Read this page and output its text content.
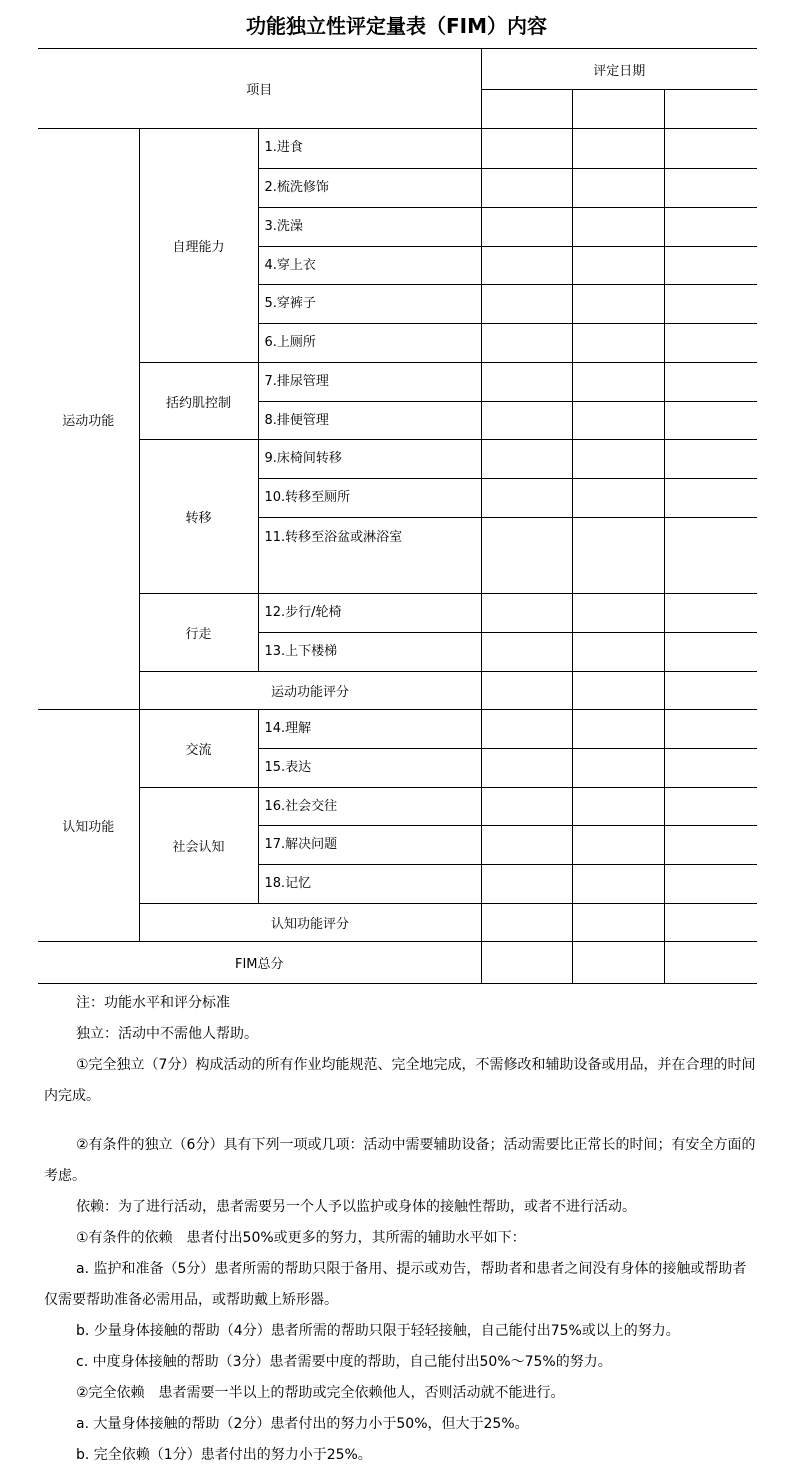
功能独立性评定量表（FIM）内容
项目			评定日期		

运动功能	自理能力	1.进食			
		2.梳洗修饰			
		3.洗澡			
		4.穿上衣			
		5.穿裤子			
		6.上厕所			
	括约肌控制	7.排尿管理			
		8.排便管理			
	转移	9.床椅间转移			
		10.转移至厕所			
		11.转移至浴盆或淋浴室			
	行走	12.步行/轮椅			
		13.上下楼梯			
	运动功能评分				
认知功能	交流	14.理解			
		15.表达			
	社会认知	16.社会交往			
		17.解决问题			
		18.记忆			
	认知功能评分				
FIM总分					

注：功能水平和评分标准

独立：活动中不需他人帮助。

①完全独立（7分）构成活动的所有作业均能规范、完全地完成，不需修改和辅助设备或用品，并在合理的时间内完成。

②有条件的独立（6分）具有下列一项或几项：活动中需要辅助设备；活动需要比正常长的时间；有安全方面的考虑。

依赖：为了进行活动，患者需要另一个人予以监护或身体的接触性帮助，或者不进行活动。

①有条件的依赖　患者付出50%或更多的努力，其所需的辅助水平如下：

a. 监护和准备（5分）患者所需的帮助只限于备用、提示或劝告，帮助者和患者之间没有身体的接触或帮助者仅需要帮助准备必需用品，或帮助戴上矫形器。

b. 少量身体接触的帮助（4分）患者所需的帮助只限于轻轻接触，自己能付出75%或以上的努力。

c. 中度身体接触的帮助（3分）患者需要中度的帮助，自己能付出50%～75%的努力。

②完全依赖　患者需要一半以上的帮助或完全依赖他人，否则活动就不能进行。

a. 大量身体接触的帮助（2分）患者付出的努力小于50%，但大于25%。

b. 完全依赖（1分）患者付出的努力小于25%。
